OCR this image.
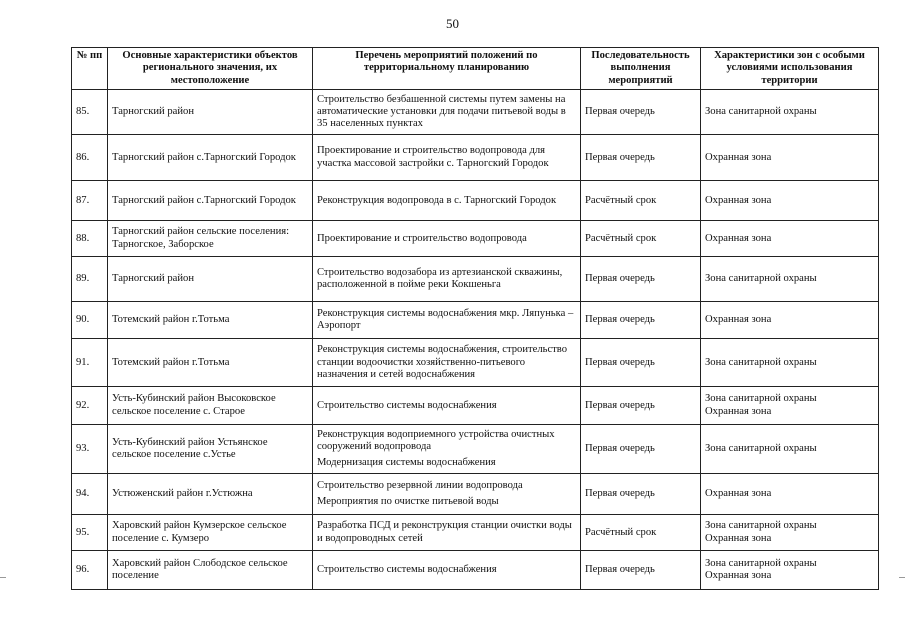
50
№ пп	Основные характеристики объектов регионального значения, их местоположение	Перечень мероприятий положений по территориальному планированию	Последовательность выполнения мероприятий	Характеристики зон с особыми условиями использования территории
85.	Тарногский район	Строительство безбашенной системы путем замены на автоматические установки для подачи питьевой воды в 35 населенных пунктах	Первая очередь	Зона санитарной охраны

86.	Тарногский район с.Тарногский Городок	Проектирование и строительство водопровода для участка массовой застройки с. Тарногский Городок	Первая очередь	Охранная зона

87.	Тарногский район с.Тарногский Городок	Реконструкция водопровода в с. Тарногский Городок	Расчётный срок	Охранная зона

88.	Тарногский район сельские поселения: Тарногское, Заборское	Проектирование и строительство водопровода	Расчётный срок	Охранная зона

89.	Тарногский район	Строительство водозабора из артезианской скважины, расположенной в пойме реки Кокшеньга	Первая очередь	Зона санитарной охраны

90.	Тотемский район г.Тотьма	Реконструкция системы водоснабжения мкр. Ляпунька –Аэропорт	Первая очередь	Охранная зона

91.	Тотемский район г.Тотьма	Реконструкция системы водоснабжения, строительство станции водоочистки хозяйственно-питьевого назначения и сетей водоснабжения	Первая очередь	Зона санитарной охраны

92.	Усть-Кубинский район Высоковское сельское поселение с. Старое	Строительство системы водоснабжения	Первая очередь	Зона санитарной охраны
Охранная зона

93.	Усть-Кубинский район Устьянское сельское поселение с.Устье	Реконструкция водоприемного устройства очистных сооружений водопровода
Модернизация системы водоснабжения	Первая очередь	Зона санитарной охраны

94.	Устюженский район г.Устюжна	Строительство резервной линии водопровода
Мероприятия по очистке питьевой воды	Первая очередь	Охранная зона

95.	Харовский район Кумзерское сельское поселение с. Кумзеро	Разработка ПСД и реконструкция станции очистки воды и водопроводных сетей	Расчётный срок	Зона санитарной охраны
Охранная зона

96.	Харовский район Слободское сельское поселение	Строительство системы водоснабжения	Первая очередь	Зона санитарной охраны
Охранная зона
